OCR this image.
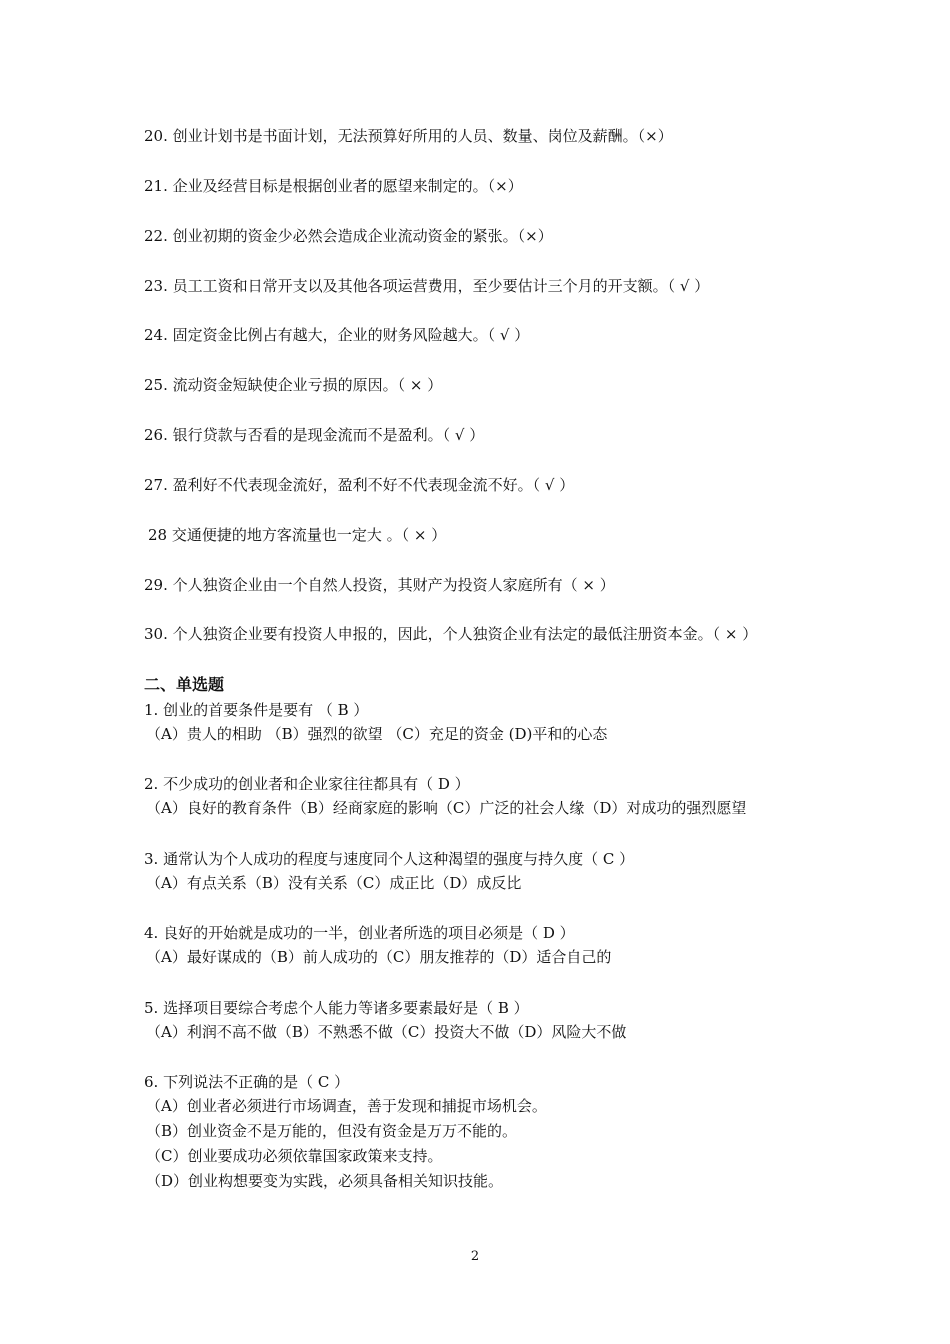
20. 创业计划书是书面计划，无法预算好所用的人员、数量、岗位及薪酬。（×）
21. 企业及经营目标是根据创业者的愿望来制定的。（×）
22. 创业初期的资金少必然会造成企业流动资金的紧张。（×）
23. 员工工资和日常开支以及其他各项运营费用，至少要估计三个月的开支额。（ √ ）
24. 固定资金比例占有越大，企业的财务风险越大。（ √ ）
25. 流动资金短缺使企业亏损的原因。（ × ）
26. 银行贷款与否看的是现金流而不是盈利。（ √ ）
27. 盈利好不代表现金流好，盈利不好不代表现金流不好。（ √ ）
28 交通便捷的地方客流量也一定大 。（ × ）
29. 个人独资企业由一个自然人投资，其财产为投资人家庭所有（ × ）
30. 个人独资企业要有投资人申报的，因此，个人独资企业有法定的最低注册资本金。（ × ）
二、单选题
1. 创业的首要条件是要有 （ B ）
（A）贵人的相助 （B）强烈的欲望 （C）充足的资金 (D)平和的心态
2. 不少成功的创业者和企业家往往都具有（ D ）
（A）良好的教育条件（B）经商家庭的影响（C）广泛的社会人缘（D）对成功的强烈愿望
3. 通常认为个人成功的程度与速度同个人这种渴望的强度与持久度（ C ）
（A）有点关系（B）没有关系（C）成正比（D）成反比
4. 良好的开始就是成功的一半，创业者所选的项目必须是（ D ）
（A）最好谋成的（B）前人成功的（C）朋友推荐的（D）适合自己的
5. 选择项目要综合考虑个人能力等诸多要素最好是（ B ）
（A）利润不高不做（B）不熟悉不做（C）投资大不做（D）风险大不做
6. 下列说法不正确的是（ C ）
（A）创业者必须进行市场调查，善于发现和捕捉市场机会。
（B）创业资金不是万能的，但没有资金是万万不能的。
（C）创业要成功必须依靠国家政策来支持。
（D）创业构想要变为实践，必须具备相关知识技能。
2
